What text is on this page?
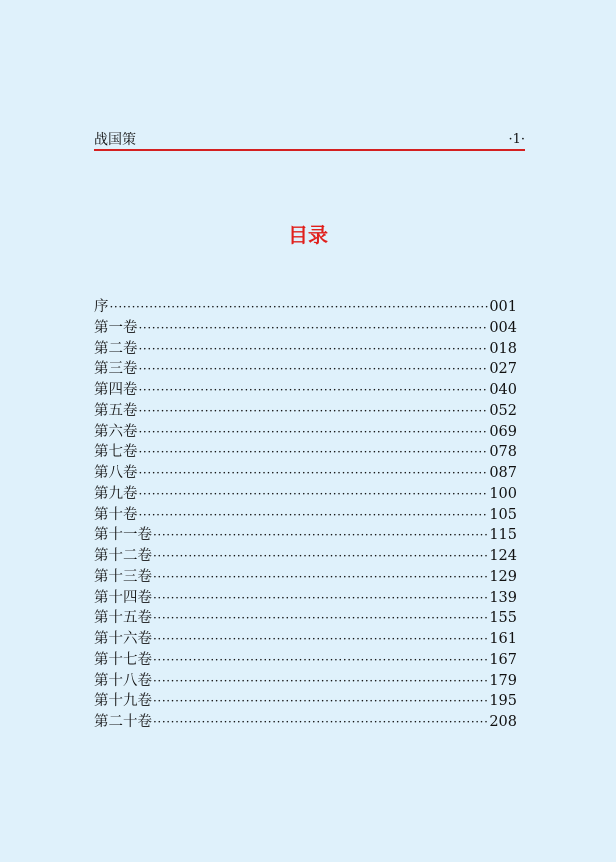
战国策	·1·
目录
序 ·····	001
第一卷 ·····	004
第二卷 ·····	018
第三卷 ·····	027
第四卷 ·····	040
第五卷 ·····	052
第六卷 ·····	069
第七卷 ·····	078
第八卷 ·····	087
第九卷 ·····	100
第十卷 ·····	105
第十一卷 ·····	115
第十二卷 ·····	124
第十三卷 ·····	129
第十四卷 ·····	139
第十五卷 ·····	155
第十六卷 ·····	161
第十七卷 ·····	167
第十八卷 ·····	179
第十九卷 ·····	195
第二十卷 ·····	208
